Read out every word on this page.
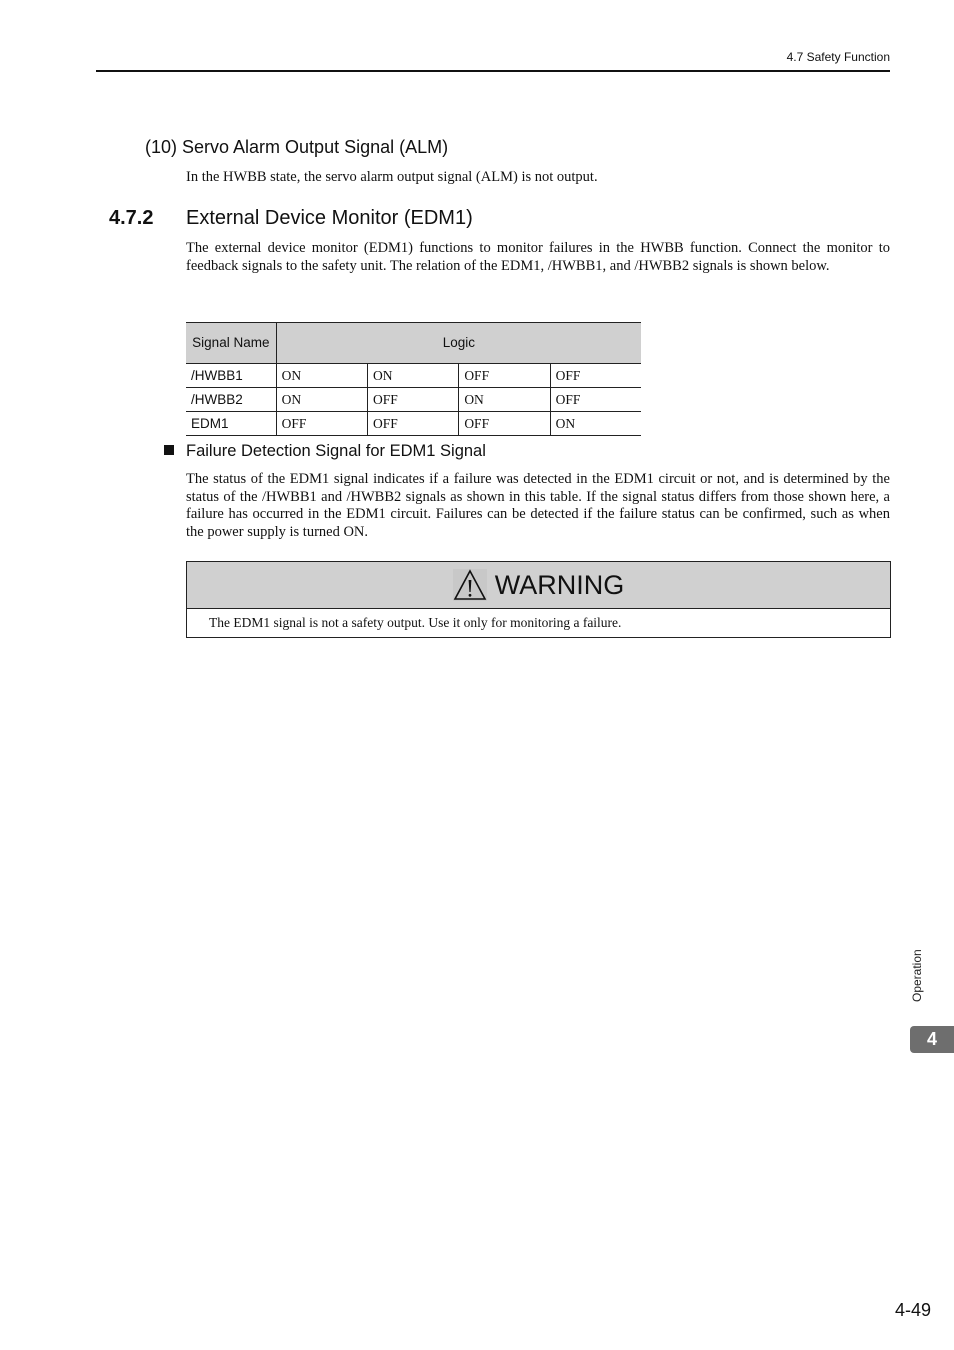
4.7 Safety Function
(10) Servo Alarm Output Signal (ALM)
In the HWBB state, the servo alarm output signal (ALM) is not output.
4.7.2 External Device Monitor (EDM1)
The external device monitor (EDM1) functions to monitor failures in the HWBB function. Connect the monitor to feedback signals to the safety unit. The relation of the EDM1, /HWBB1, and /HWBB2 signals is shown below.
Signal Name	Logic			
/HWBB1	ON	ON	OFF	OFF
/HWBB2	ON	OFF	ON	OFF
EDM1	OFF	OFF	OFF	ON
Failure Detection Signal for EDM1 Signal
The status of the EDM1 signal indicates if a failure was detected in the EDM1 circuit or not, and is determined by the status of the /HWBB1 and /HWBB2 signals as shown in this table. If the signal status differs from those shown here, a failure has occurred in the EDM1 circuit. Failures can be detected if the failure status can be confirmed, such as when the power supply is turned ON.
WARNING
The EDM1 signal is not a safety output. Use it only for monitoring a failure.
Operation
4
4-49
